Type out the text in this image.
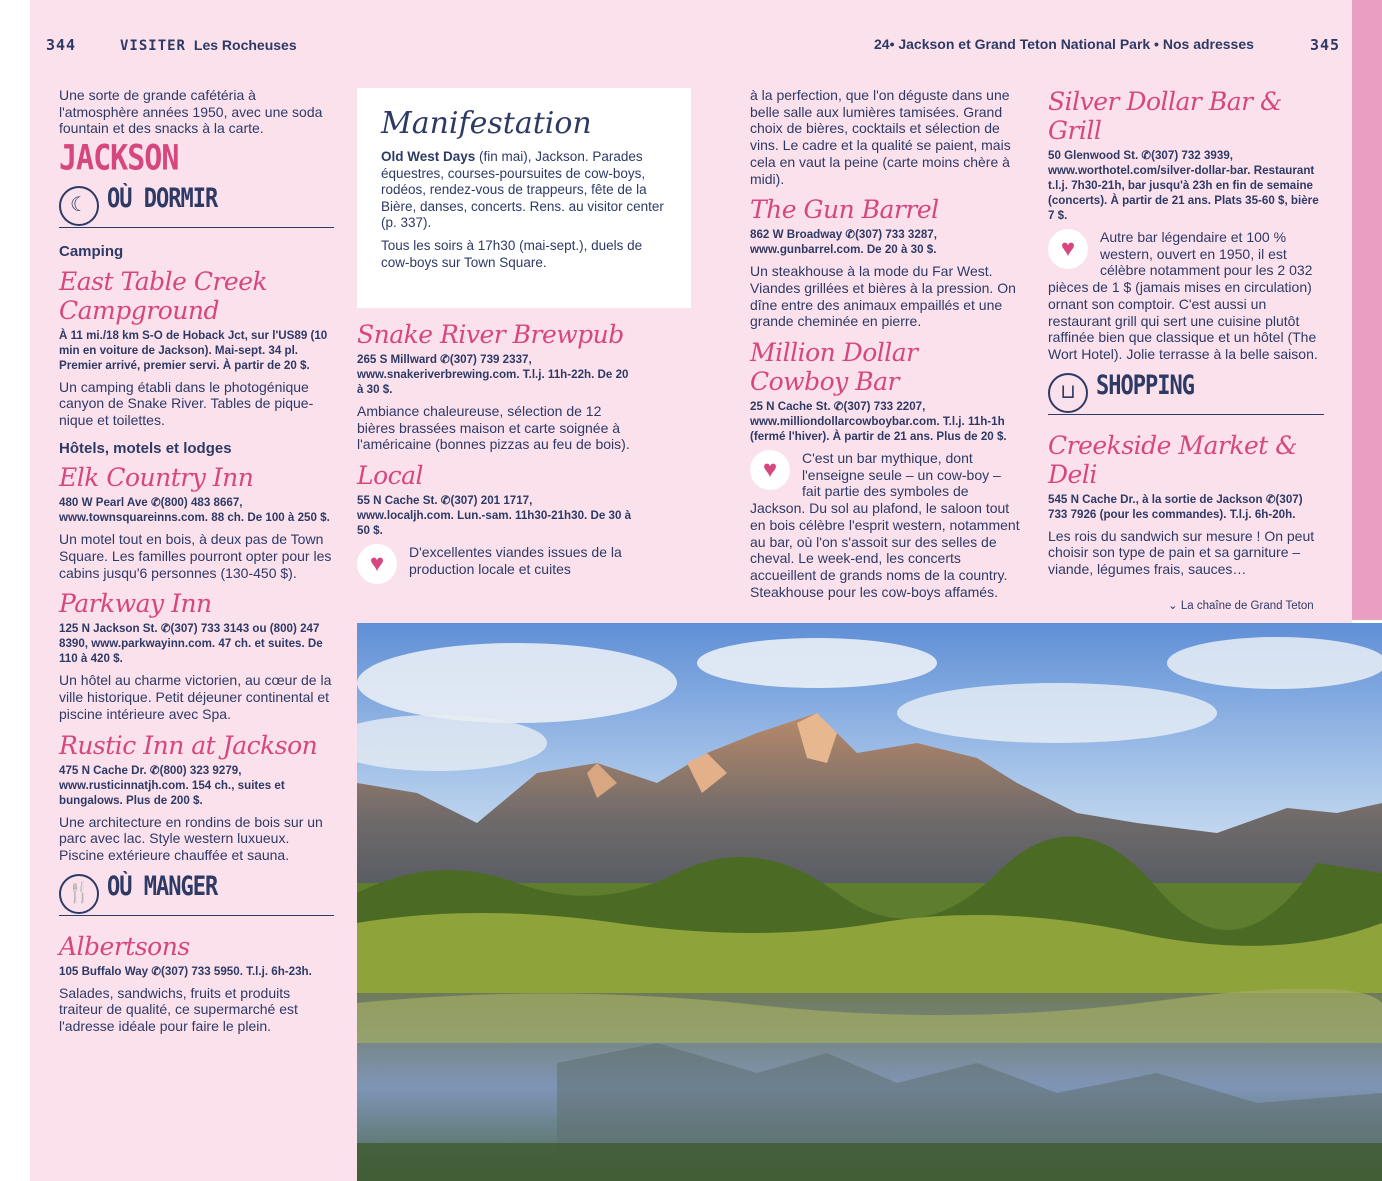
344	VISITER Les Rocheuses	24• Jackson et Grand Teton National Park • Nos adresses	345

Une sorte de grande cafétéria à l'atmosphère années 1950, avec une soda fountain et des snacks à la carte.

JACKSON
☾ OÙ DORMIR
Camping
East Table Creek Campground
À 11 mi./18 km S-O de Hoback Jct, sur l'US89 (10 min en voiture de Jackson). Mai-sept. 34 pl. Premier arrivé, premier servi. À partir de 20 $.
Un camping établi dans le photogénique canyon de Snake River. Tables de pique-nique et toilettes.
Hôtels, motels et lodges
Elk Country Inn
480 W Pearl Ave ✆(800) 483 8667, www.townsquareinns.com. 88 ch. De 100 à 250 $.
Un motel tout en bois, à deux pas de Town Square. Les familles pourront opter pour les cabins jusqu'6 personnes (130-450 $).
Parkway Inn
125 N Jackson St. ✆(307) 733 3143 ou (800) 247 8390, www.parkwayinn.com. 47 ch. et suites. De 110 à 420 $.
Un hôtel au charme victorien, au cœur de la ville historique. Petit déjeuner continental et piscine intérieure avec Spa.
Rustic Inn at Jackson
475 N Cache Dr. ✆(800) 323 9279, www.rusticinnatjh.com. 154 ch., suites et bungalows. Plus de 200 $.
Une architecture en rondins de bois sur un parc avec lac. Style western luxueux. Piscine extérieure chauffée et sauna.
🍴 OÙ MANGER
Albertsons
105 Buffalo Way ✆(307) 733 5950. T.l.j. 6h-23h.
Salades, sandwichs, fruits et produits traiteur de qualité, ce supermarché est l'adresse idéale pour faire le plein.
Manifestation

Old West Days (fin mai), Jackson. Parades équestres, courses-poursuites de cow-boys, rodéos, rendez-vous de trappeurs, fête de la Bière, danses, concerts. Rens. au visitor center (p. 337).

Tous les soirs à 17h30 (mai-sept.), duels de cow-boys sur Town Square.

Snake River Brewpub
265 S Millward ✆(307) 739 2337, www.snakeriverbrewing.com. T.l.j. 11h-22h. De 20 à 30 $.
Ambiance chaleureuse, sélection de 12 bières brassées maison et carte soignée à l'américaine (bonnes pizzas au feu de bois).
Local
55 N Cache St. ✆(307) 201 1717, www.localjh.com. Lun.-sam. 11h30-21h30. De 30 à 50 $.
♥	D'excellentes viandes issues de la production locale et cuites
à la perfection, que l'on déguste dans une belle salle aux lumières tamisées. Grand choix de bières, cocktails et sélection de vins. Le cadre et la qualité se paient, mais cela en vaut la peine (carte moins chère à midi).
The Gun Barrel
862 W Broadway ✆(307) 733 3287, www.gunbarrel.com. De 20 à 30 $.
Un steakhouse à la mode du Far West. Viandes grillées et bières à la pression. On dîne entre des animaux empaillés et une grande cheminée en pierre.
Million Dollar Cowboy Bar
25 N Cache St. ✆(307) 733 2207, www.milliondollarcowboybar.com. T.l.j. 11h-1h (fermé l'hiver). À partir de 21 ans. Plus de 20 $.
♥	C'est un bar mythique, dont l'enseigne seule – un cow-boy – fait partie des symboles de Jackson. Du sol au plafond, le saloon tout en bois célèbre l'esprit western, notamment au bar, où l'on s'assoit sur des selles de cheval. Le week-end, les concerts accueillent de grands noms de la country. Steakhouse pour les cow-boys affamés.
Silver Dollar Bar & Grill
50 Glenwood St. ✆(307) 732 3939, www.worthotel.com/silver-dollar-bar. Restaurant t.l.j. 7h30-21h, bar jusqu'à 23h en fin de semaine (concerts). À partir de 21 ans. Plats 35-60 $, bière 7 $.
♥	Autre bar légendaire et 100 % western, ouvert en 1950, il est célèbre notamment pour les 2 032 pièces de 1 $ (jamais mises en circulation) ornant son comptoir. C'est aussi un restaurant grill qui sert une cuisine plutôt raffinée bien que classique et un hôtel (The Wort Hotel). Jolie terrasse à la belle saison.
⊔ SHOPPING
Creekside Market & Deli
545 N Cache Dr., à la sortie de Jackson ✆(307) 733 7926 (pour les commandes). T.l.j. 6h-20h.
Les rois du sandwich sur mesure ! On peut choisir son type de pain et sa garniture – viande, légumes frais, sauces…
⌄ La chaîne de Grand Teton
